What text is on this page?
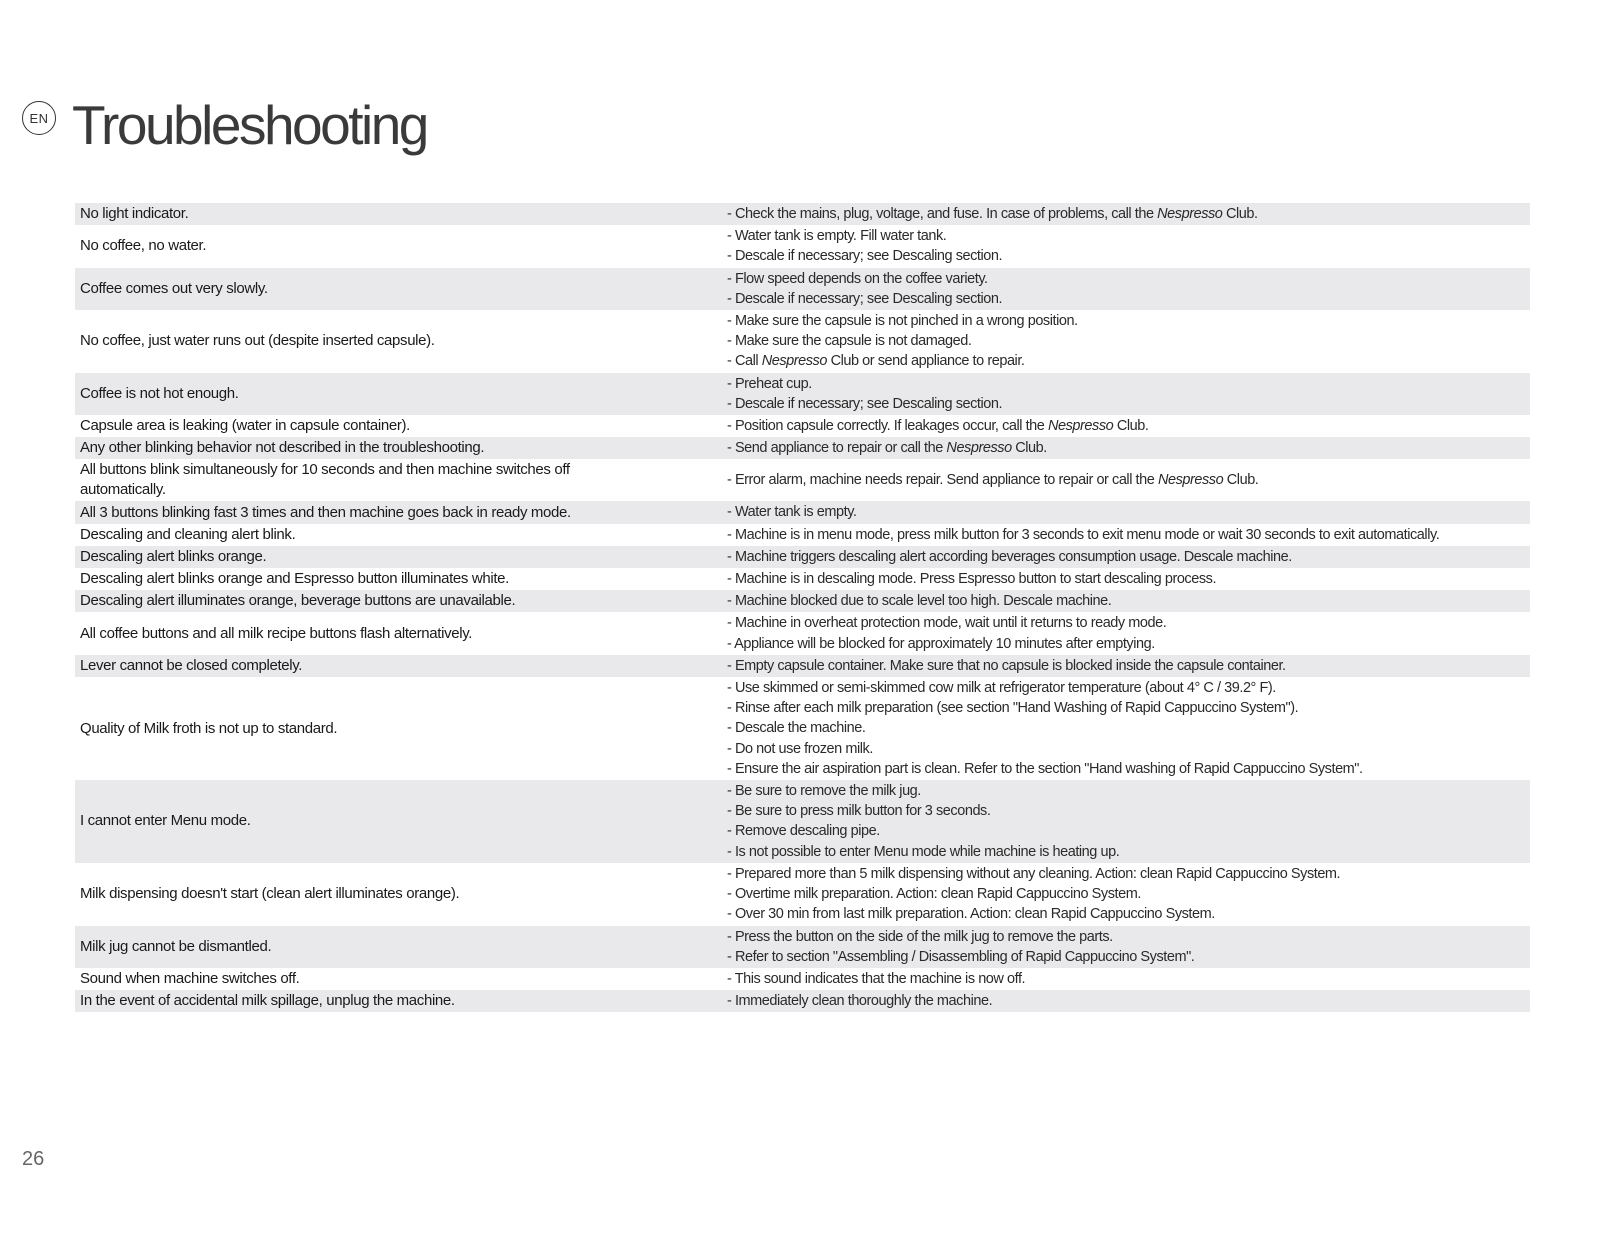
EN Troubleshooting
No light indicator.	- Check the mains, plug, voltage, and fuse. In case of problems, call the Nespresso Club.

No coffee, no water.	- Water tank is empty. Fill water tank.
- Descale if necessary; see Descaling section.

Coffee comes out very slowly.	- Flow speed depends on the coffee variety.
- Descale if necessary; see Descaling section.

No coffee, just water runs out (despite inserted capsule).	- Make sure the capsule is not pinched in a wrong position.
- Make sure the capsule is not damaged.
- Call Nespresso Club or send appliance to repair.

Coffee is not hot enough.	- Preheat cup.
- Descale if necessary; see Descaling section.

Capsule area is leaking (water in capsule container).	- Position capsule correctly. If leakages occur, call the Nespresso Club.

Any other blinking behavior not described in the troubleshooting.	- Send appliance to repair or call the Nespresso Club.

All buttons blink simultaneously for 10 seconds and then machine switches off automatically.	- Error alarm, machine needs repair. Send appliance to repair or call the Nespresso Club.

All 3 buttons blinking fast 3 times and then machine goes back in ready mode.	- Water tank is empty.

Descaling and cleaning alert blink.	- Machine is in menu mode, press milk button for 3 seconds to exit menu mode or wait 30 seconds to exit automatically.

Descaling alert blinks orange.	- Machine triggers descaling alert according beverages consumption usage. Descale machine.

Descaling alert blinks orange and Espresso button illuminates white.	- Machine is in descaling mode. Press Espresso button to start descaling process.

Descaling alert illuminates orange, beverage buttons are unavailable.	- Machine blocked due to scale level too high. Descale machine.

All coffee buttons and all milk recipe buttons flash alternatively.	- Machine in overheat protection mode, wait until it returns to ready mode.
- Appliance will be blocked for approximately 10 minutes after emptying.

Lever cannot be closed completely.	- Empty capsule container. Make sure that no capsule is blocked inside the capsule container.

Quality of Milk froth is not up to standard.	- Use skimmed or semi-skimmed cow milk at refrigerator temperature (about 4° C / 39.2° F).
- Rinse after each milk preparation (see section "Hand Washing of Rapid Cappuccino System").
- Descale the machine.
- Do not use frozen milk.
- Ensure the air aspiration part is clean. Refer to the section "Hand washing of Rapid Cappuccino System".

I cannot enter Menu mode.	- Be sure to remove the milk jug.
- Be sure to press milk button for 3 seconds.
- Remove descaling pipe.
- Is not possible to enter Menu mode while machine is heating up.

Milk dispensing doesn't start (clean alert illuminates orange).	- Prepared more than 5 milk dispensing without any cleaning. Action: clean Rapid Cappuccino System.
- Overtime milk preparation. Action: clean Rapid Cappuccino System.
- Over 30 min from last milk preparation. Action: clean Rapid Cappuccino System.

Milk jug cannot be dismantled.	- Press the button on the side of the milk jug to remove the parts.
- Refer to section "Assembling / Disassembling of Rapid Cappuccino System".

Sound when machine switches off.	- This sound indicates that the machine is now off.

In the event of accidental milk spillage, unplug the machine.	- Immediately clean thoroughly the machine.
26
